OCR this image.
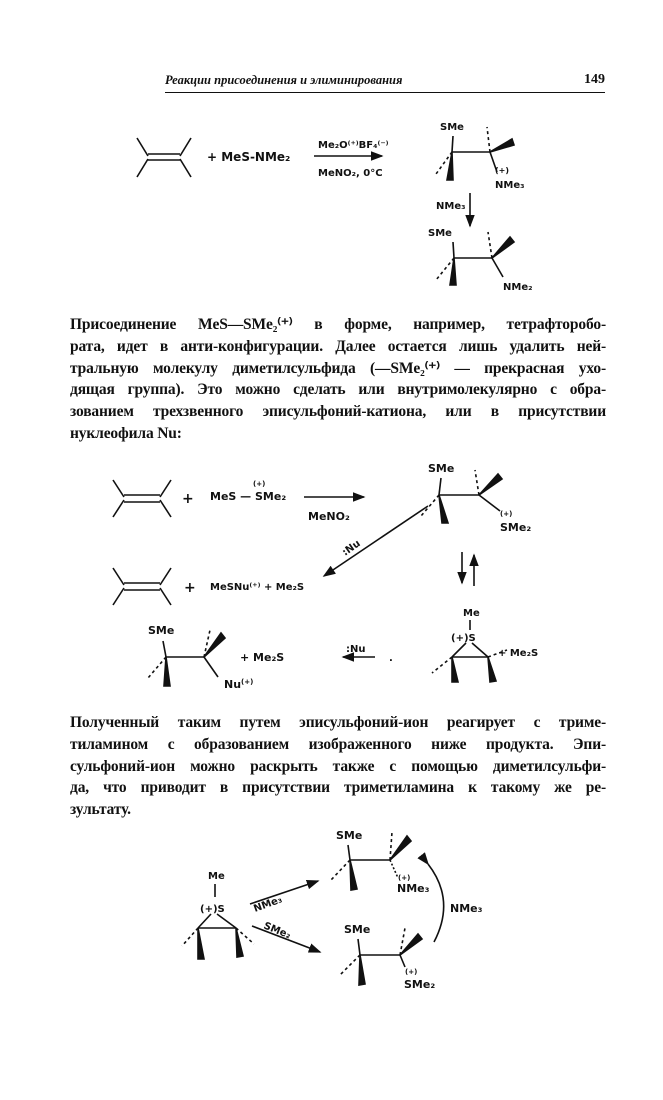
Реакции присоединения и элиминирования	149
+ MeS-NMe₂
Me₂O⁽⁺⁾BF₄⁽⁻⁾
MeNO₂, 0°C
SMe
(+)
NMe₃
NMe₃
SMe
NMe₂
+
(+)
MeS — SMe₂
MeNO₂
SMe
(+)
SMe₂
:Nu
+ MeSNu⁽⁺⁾ + Me₂S
SMe
Nu (+)
+ Me₂S
:Nu
.
Me
(+)S
+ Me₂S
Me
(+)S	NMe₃
SMe₂
SMe
(+)
NMe₃
NMe₃
SMe
(+)
SMe₂
Присоединение MeS—SMe₂⁽⁺⁾ в форме, например, тетрафторобо-
рата, идет в анти-конфигурации. Далее остается лишь удалить ней-
тральную молекулу диметилсульфида (—SMe₂⁽⁺⁾ — прекрасная ухо-
дящая группа). Это можно сделать или внутримолекулярно с обра-
зованием трехзвенного эписульфоний-катиона, или в присутствии
нуклеофила Nu:
Полученный таким путем эписульфоний-ион реагирует с триме-
тиламином с образованием изображенного ниже продукта. Эпи-
сульфоний-ион можно раскрыть также с помощью диметилсульфи-
да, что приводит в присутствии триметиламина к такому же ре-
зультату.
